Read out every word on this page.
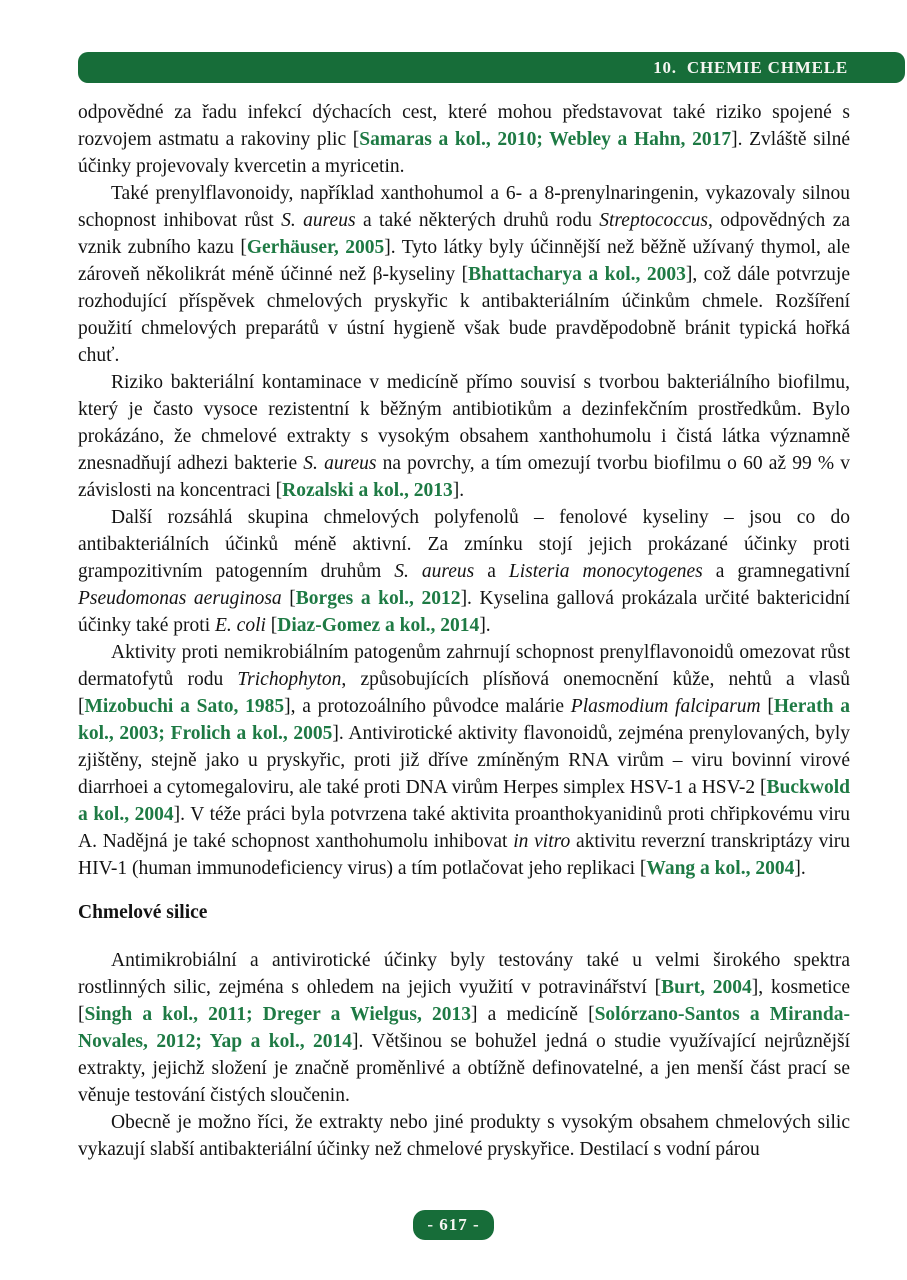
10.  CHEMIE CHMELE

odpovědné za řadu infekcí dýchacích cest, které mohou představovat také riziko spojené s rozvojem astmatu a rakoviny plic [Samaras a kol., 2010; Webley a Hahn, 2017]. Zvláště silné účinky projevovaly kvercetin a myricetin.

Také prenylflavonoidy, například xanthohumol a 6- a 8-prenylnaringenin, vykazovaly silnou schopnost inhibovat růst S. aureus a také některých druhů rodu Streptococcus, odpovědných za vznik zubního kazu [Gerhäuser, 2005]. Tyto látky byly účinnější než běžně užívaný thymol, ale zároveň několikrát méně účinné než β-kyseliny [Bhattacharya a kol., 2003], což dále potvrzuje rozhodující příspěvek chmelových pryskyřic k antibakteriálním účinkům chmele. Rozšíření použití chmelových preparátů v ústní hygieně však bude pravděpodobně bránit typická hořká chuť.

Riziko bakteriální kontaminace v medicíně přímo souvisí s tvorbou bakteriálního biofilmu, který je často vysoce rezistentní k běžným antibiotikům a dezinfekčním prostředkům. Bylo prokázáno, že chmelové extrakty s vysokým obsahem xanthohumolu i čistá látka významně znesnadňují adhezi bakterie S. aureus na povrchy, a tím omezují tvorbu biofilmu o 60 až 99 % v závislosti na koncentraci [Rozalski a kol., 2013].

Další rozsáhlá skupina chmelových polyfenolů – fenolové kyseliny – jsou co do antibakteriálních účinků méně aktivní. Za zmínku stojí jejich prokázané účinky proti grampozitivním patogenním druhům S. aureus a Listeria monocytogenes a gramnegativní Pseudomonas aeruginosa [Borges a kol., 2012]. Kyselina gallová prokázala určité baktericidní účinky také proti E. coli [Diaz-Gomez a kol., 2014].

Aktivity proti nemikrobiálním patogenům zahrnují schopnost prenylflavonoidů omezovat růst dermatofytů rodu Trichophyton, způsobujících plísňová onemocnění kůže, nehtů a vlasů [Mizobuchi a Sato, 1985], a protozoálního původce malárie Plasmodium falciparum [Herath a kol., 2003; Frolich a kol., 2005]. Antivirotické aktivity flavonoidů, zejména prenylovaných, byly zjištěny, stejně jako u pryskyřic, proti již dříve zmíněným RNA virům – viru bovinní virové diarrhoei a cytomegaloviru, ale také proti DNA virům Herpes simplex HSV-1 a HSV-2 [Buckwold a kol., 2004]. V téže práci byla potvrzena také aktivita proanthokyanidinů proti chřipkovému viru A. Nadějná je také schopnost xanthohumolu inhibovat in vitro aktivitu reverzní transkriptázy viru HIV-1 (human immunodeficiency virus) a tím potlačovat jeho replikaci [Wang a kol., 2004].

Chmelové silice

Antimikrobiální a antivirotické účinky byly testovány také u velmi širokého spektra rostlinných silic, zejména s ohledem na jejich využití v potravinářství [Burt, 2004], kosmetice [Singh a kol., 2011; Dreger a Wielgus, 2013] a medicíně [Solórzano-Santos a Miranda-Novales, 2012; Yap a kol., 2014]. Většinou se bohužel jedná o studie využívající nejrůznější extrakty, jejichž složení je značně proměnlivé a obtížně definovatelné, a jen menší část prací se věnuje testování čistých sloučenin.

Obecně je možno říci, že extrakty nebo jiné produkty s vysokým obsahem chmelových silic vykazují slabší antibakteriální účinky než chmelové pryskyřice. Destilací s vodní párou

- 617 -
